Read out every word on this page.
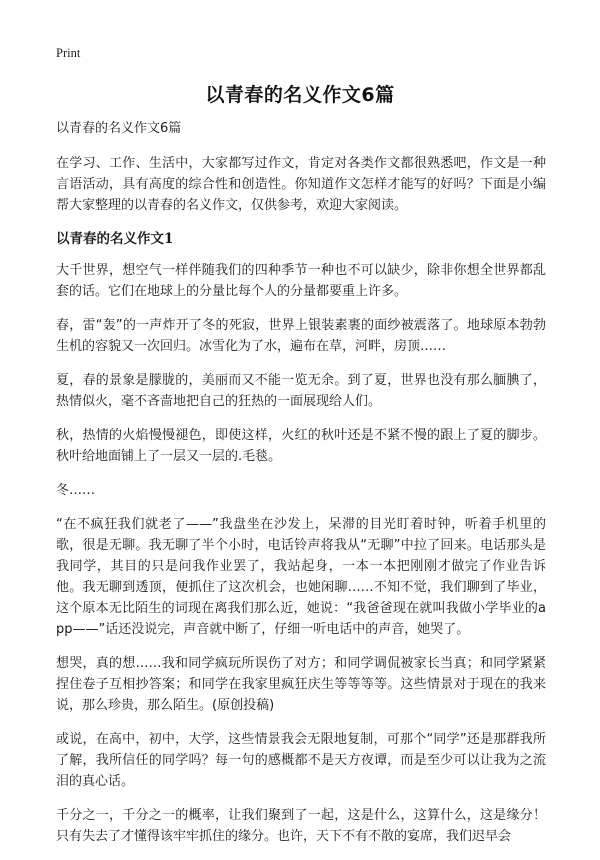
Print
以青春的名义作文6篇

以青春的名义作文6篇

在学习、工作、生活中，大家都写过作文，肯定对各类作文都很熟悉吧，作文是一种言语活动，具有高度的综合性和创造性。你知道作文怎样才能写的好吗？下面是小编帮大家整理的以青春的名义作文，仅供参考，欢迎大家阅读。

以青春的名义作文1

大千世界，想空气一样伴随我们的四种季节一种也不可以缺少，除非你想全世界都乱套的话。它们在地球上的分量比每个人的分量都要重上许多。

春，雷“轰”的一声炸开了冬的死寂，世界上银装素裹的面纱被震落了。地球原本勃勃生机的容貌又一次回归。冰雪化为了水，遍布在草，河畔，房顶……

夏，春的景象是朦胧的，美丽而又不能一览无余。到了夏，世界也没有那么腼腆了，热情似火，毫不吝啬地把自己的狂热的一面展现给人们。

秋，热情的火焰慢慢褪色，即使这样，火红的秋叶还是不紧不慢的跟上了夏的脚步。秋叶给地面铺上了一层又一层的.毛毯。

冬……

“在不疯狂我们就老了——”我盘坐在沙发上，呆滞的目光盯着时钟，听着手机里的歌，很是无聊。我无聊了半个小时，电话铃声将我从“无聊”中拉了回来。电话那头是我同学，其目的只是问我作业罢了，我站起身，一本一本把刚刚才做完了作业告诉他。我无聊到透顶，便抓住了这次机会，也她闲聊……不知不觉，我们聊到了毕业，这个原本无比陌生的词现在离我们那么近，她说：“我爸爸现在就叫我做小学毕业的app——”话还没说完，声音就中断了，仔细一听电话中的声音，她哭了。

想哭，真的想……我和同学疯玩所误伤了对方；和同学调侃被家长当真；和同学紧紧捏住卷子互相抄答案；和同学在我家里疯狂庆生等等等等。这些情景对于现在的我来说，那么珍贵，那么陌生。(原创投稿)

或说，在高中，初中，大学，这些情景我会无限地复制，可那个“同学”还是那群我所了解，我所信任的同学吗？每一句的感概都不是天方夜谭，而是至少可以让我为之流泪的真心话。

千分之一，千分之一的概率，让我们聚到了一起，这是什么，这算什么，这是缘分！只有失去了才懂得该牢牢抓住的缘分。也许，天下不有不散的宴席，我们迟早会
